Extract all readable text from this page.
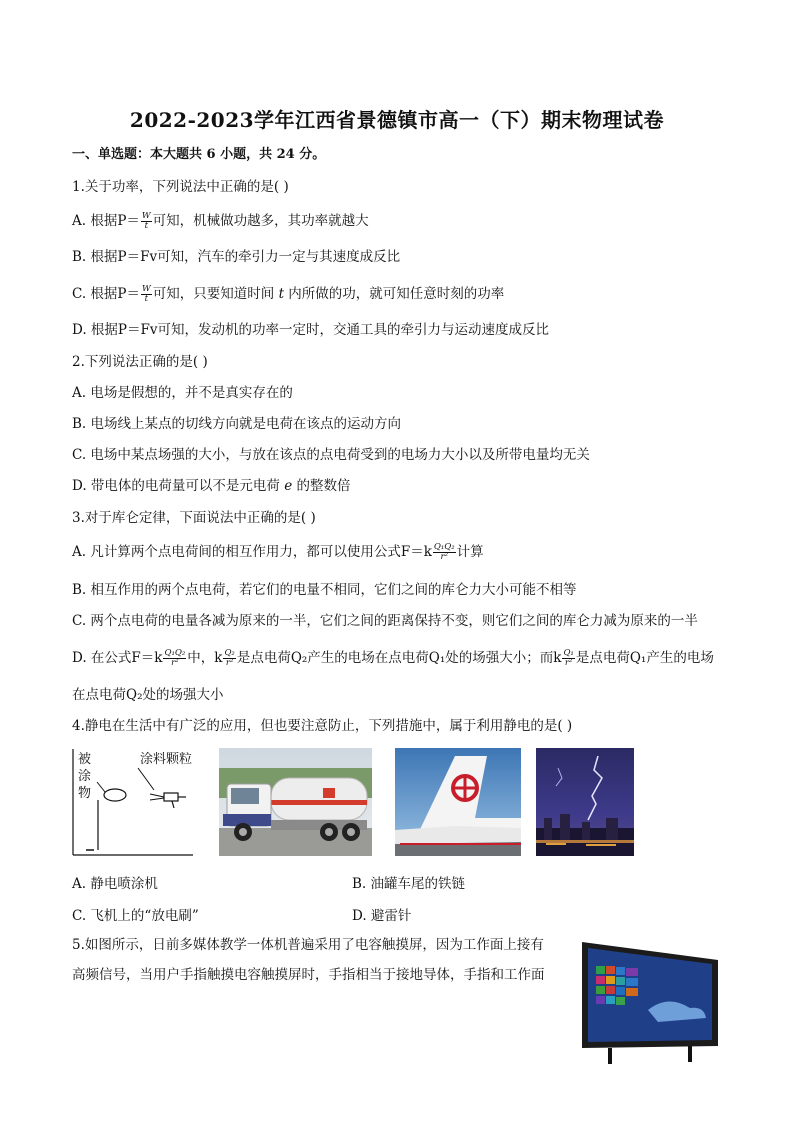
2022-2023学年江西省景德镇市高一（下）期末物理试卷
一、单选题：本大题共 6 小题，共 24 分。
1.关于功率，下列说法中正确的是( )
A. 根据$P= \frac{W}{t}$ 可知，机械做功越多，其功率就越大
B. 根据P＝Fv可知，汽车的牵引力一定与其速度成反比
C. 根据$P= \frac{W}{t}$ 可知，只要知道时间 t 内所做的功，就可知任意时刻的功率
D. 根据P＝Fv可知，发动机的功率一定时，交通工具的牵引力与运动速度成反比
2.下列说法正确的是( )
A. 电场是假想的，并不是真实存在的
B. 电场线上某点的切线方向就是电荷在该点的运动方向
C. 电场中某点场强的大小，与放在该点的点电荷受到的电场力大小以及所带电量均无关
D. 带电体的电荷量可以不是元电荷 e 的整数倍
3.对于库仑定律，下面说法中正确的是( )
A. 凡计算两个点电荷间的相互作用力，都可以使用公式$F=k \frac{\text{Q₁Q₂}}{\text{r²}}$ 计算
B. 相互作用的两个点电荷，若它们的电量不相同，它们之间的库仑力大小可能不相等
C. 两个点电荷的电量各减为原来的一半，它们之间的距离保持不变，则它们之间的库仑力减为原来的一半
D. 在公式$F=k \frac{\text{Q₁Q₂}}{\text{r²}}$ 中，k $\frac{\text{Q₂}}{\text{r²}}$ 是点电荷Q₂产生的电场在点电荷Q₁处的场强大小；而k $\frac{\text{Q₁}}{\text{r²}}$ 是点电荷Q₁产生的电场
在点电荷Q₂处的场强大小
4.静电在生活中有广泛的应用，但也要注意防止，下列措施中，属于利用静电的是( )
被
涂
物
涂料颗粒
A. 静电喷涂机	B. 油罐车尾的铁链
C. 飞机上的“放电刷”	D. 避雷针
5.如图所示，日前多媒体教学一体机普遍采用了电容触摸屏，因为工作面上接有
高频信号，当用户手指触摸电容触摸屏时，手指相当于接地导体，手指和工作面
